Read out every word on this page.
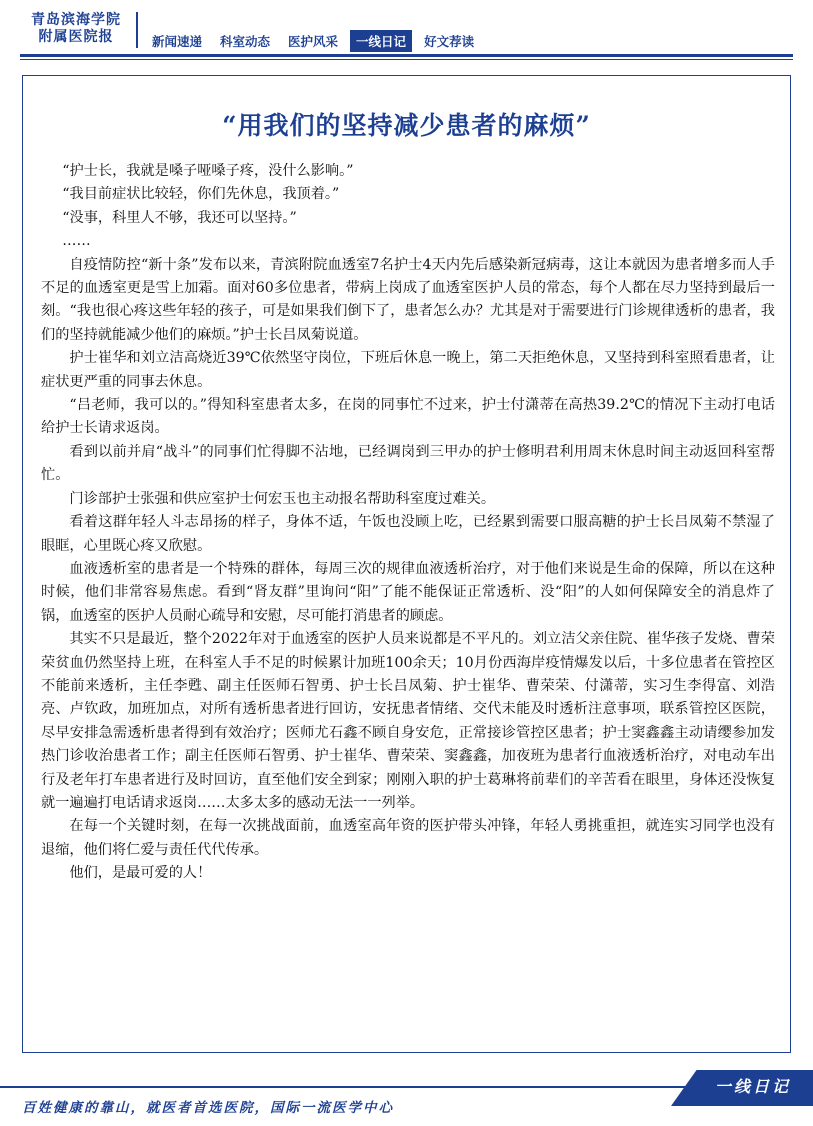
青岛滨海学院
附属医院报	新闻速递	科室动态	医护风采	一线日记	好文荐读
“用我们的坚持减少患者的麻烦”

“护士长，我就是嗓子哑嗓子疼，没什么影响。”

“我目前症状比较轻，你们先休息，我顶着。”

“没事，科里人不够，我还可以坚持。”

……

自疫情防控“新十条”发布以来，青滨附院血透室7名护士4天内先后感染新冠病毒，这让本就因为患者增多而人手不足的血透室更是雪上加霜。面对60多位患者，带病上岗成了血透室医护人员的常态，每个人都在尽力坚持到最后一刻。“我也很心疼这些年轻的孩子，可是如果我们倒下了，患者怎么办？尤其是对于需要进行门诊规律透析的患者，我们的坚持就能减少他们的麻烦。”护士长吕凤菊说道。

护士崔华和刘立洁高烧近39℃依然坚守岗位，下班后休息一晚上，第二天拒绝休息，又坚持到科室照看患者，让症状更严重的同事去休息。

“吕老师，我可以的。”得知科室患者太多，在岗的同事忙不过来，护士付潇蒂在高热39.2℃的情况下主动打电话给护士长请求返岗。

看到以前并肩“战斗”的同事们忙得脚不沾地，已经调岗到三甲办的护士修明君利用周末休息时间主动返回科室帮忙。

门诊部护士张强和供应室护士何宏玉也主动报名帮助科室度过难关。

看着这群年轻人斗志昂扬的样子，身体不适，午饭也没顾上吃，已经累到需要口服高糖的护士长吕凤菊不禁湿了眼眶，心里既心疼又欣慰。

血液透析室的患者是一个特殊的群体，每周三次的规律血液透析治疗，对于他们来说是生命的保障，所以在这种时候，他们非常容易焦虑。看到“肾友群”里询问“阳”了能不能保证正常透析、没“阳”的人如何保障安全的消息炸了锅，血透室的医护人员耐心疏导和安慰，尽可能打消患者的顾虑。

其实不只是最近，整个2022年对于血透室的医护人员来说都是不平凡的。刘立洁父亲住院、崔华孩子发烧、曹荣荣贫血仍然坚持上班，在科室人手不足的时候累计加班100余天；10月份西海岸疫情爆发以后，十多位患者在管控区不能前来透析，主任李甦、副主任医师石智勇、护士长吕凤菊、护士崔华、曹荣荣、付潇蒂，实习生李得富、刘浩亮、卢钦政，加班加点，对所有透析患者进行回访，安抚患者情绪、交代未能及时透析注意事项，联系管控区医院，尽早安排急需透析患者得到有效治疗；医师尤石鑫不顾自身安危，正常接诊管控区患者；护士窦鑫鑫主动请缨参加发热门诊收治患者工作；副主任医师石智勇、护士崔华、曹荣荣、窦鑫鑫，加夜班为患者行血液透析治疗，对电动车出行及老年打车患者进行及时回访，直至他们安全到家；刚刚入职的护士葛琳将前辈们的辛苦看在眼里，身体还没恢复就一遍遍打电话请求返岗……太多太多的感动无法一一列举。

在每一个关键时刻，在每一次挑战面前，血透室高年资的医护带头冲锋，年轻人勇挑重担，就连实习同学也没有退缩，他们将仁爱与责任代代传承。

他们，是最可爱的人！

一线日记
百姓健康的靠山，就医者首选医院，国际一流医学中心
